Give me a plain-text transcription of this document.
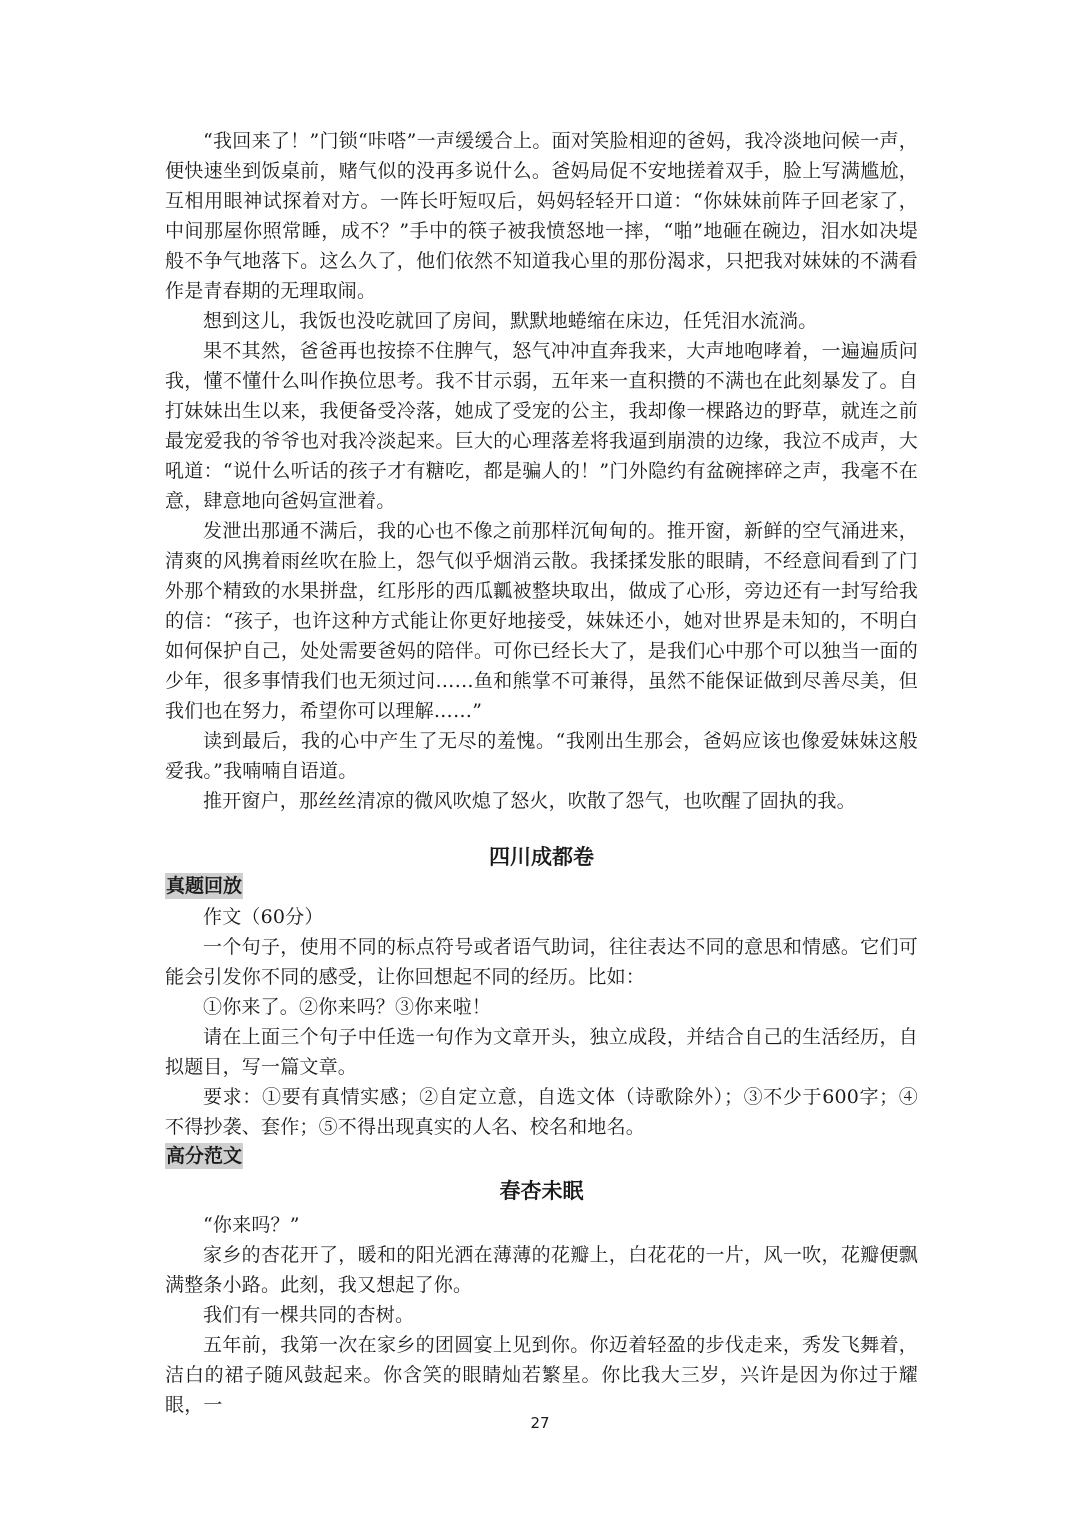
“我回来了！”门锁“咔嗒”一声缓缓合上。面对笑脸相迎的爸妈，我冷淡地问候一声，便快速坐到饭桌前，赌气似的没再多说什么。爸妈局促不安地搓着双手，脸上写满尴尬，互相用眼神试探着对方。一阵长吁短叹后，妈妈轻轻开口道：“你妹妹前阵子回老家了，中间那屋你照常睡，成不？”手中的筷子被我愤怒地一摔，“啪”地砸在碗边，泪水如决堤般不争气地落下。这么久了，他们依然不知道我心里的那份渴求，只把我对妹妹的不满看作是青春期的无理取闹。

想到这儿，我饭也没吃就回了房间，默默地蜷缩在床边，任凭泪水流淌。

果不其然，爸爸再也按捺不住脾气，怒气冲冲直奔我来，大声地咆哮着，一遍遍质问我，懂不懂什么叫作换位思考。我不甘示弱，五年来一直积攒的不满也在此刻暴发了。自打妹妹出生以来，我便备受冷落，她成了受宠的公主，我却像一棵路边的野草，就连之前最宠爱我的爷爷也对我冷淡起来。巨大的心理落差将我逼到崩溃的边缘，我泣不成声，大吼道：“说什么听话的孩子才有糖吃，都是骗人的！”门外隐约有盆碗摔碎之声，我毫不在意，肆意地向爸妈宣泄着。

发泄出那通不满后，我的心也不像之前那样沉甸甸的。推开窗，新鲜的空气涌进来，清爽的风携着雨丝吹在脸上，怨气似乎烟消云散。我揉揉发胀的眼睛，不经意间看到了门外那个精致的水果拼盘，红彤彤的西瓜瓤被整块取出，做成了心形，旁边还有一封写给我的信：“孩子，也许这种方式能让你更好地接受，妹妹还小，她对世界是未知的，不明白如何保护自己，处处需要爸妈的陪伴。可你已经长大了，是我们心中那个可以独当一面的少年，很多事情我们也无须过问……鱼和熊掌不可兼得，虽然不能保证做到尽善尽美，但我们也在努力，希望你可以理解……”

读到最后，我的心中产生了无尽的羞愧。“我刚出生那会，爸妈应该也像爱妹妹这般爱我。”我喃喃自语道。

推开窗户，那丝丝清凉的微风吹熄了怒火，吹散了怨气，也吹醒了固执的我。

四川成都卷

真题回放

作文（60分）

一个句子，使用不同的标点符号或者语气助词，往往表达不同的意思和情感。它们可能会引发你不同的感受，让你回想起不同的经历。比如：

①你来了。②你来吗？③你来啦！

请在上面三个句子中任选一句作为文章开头，独立成段，并结合自己的生活经历，自拟题目，写一篇文章。

要求：①要有真情实感；②自定立意，自选文体（诗歌除外）；③不少于600字；④不得抄袭、套作；⑤不得出现真实的人名、校名和地名。

高分范文

春杏未眠

“你来吗？”

家乡的杏花开了，暖和的阳光洒在薄薄的花瓣上，白花花的一片，风一吹，花瓣便飘满整条小路。此刻，我又想起了你。

我们有一棵共同的杏树。

五年前，我第一次在家乡的团圆宴上见到你。你迈着轻盈的步伐走来，秀发飞舞着，洁白的裙子随风鼓起来。你含笑的眼睛灿若繁星。你比我大三岁，兴许是因为你过于耀眼，一

27
